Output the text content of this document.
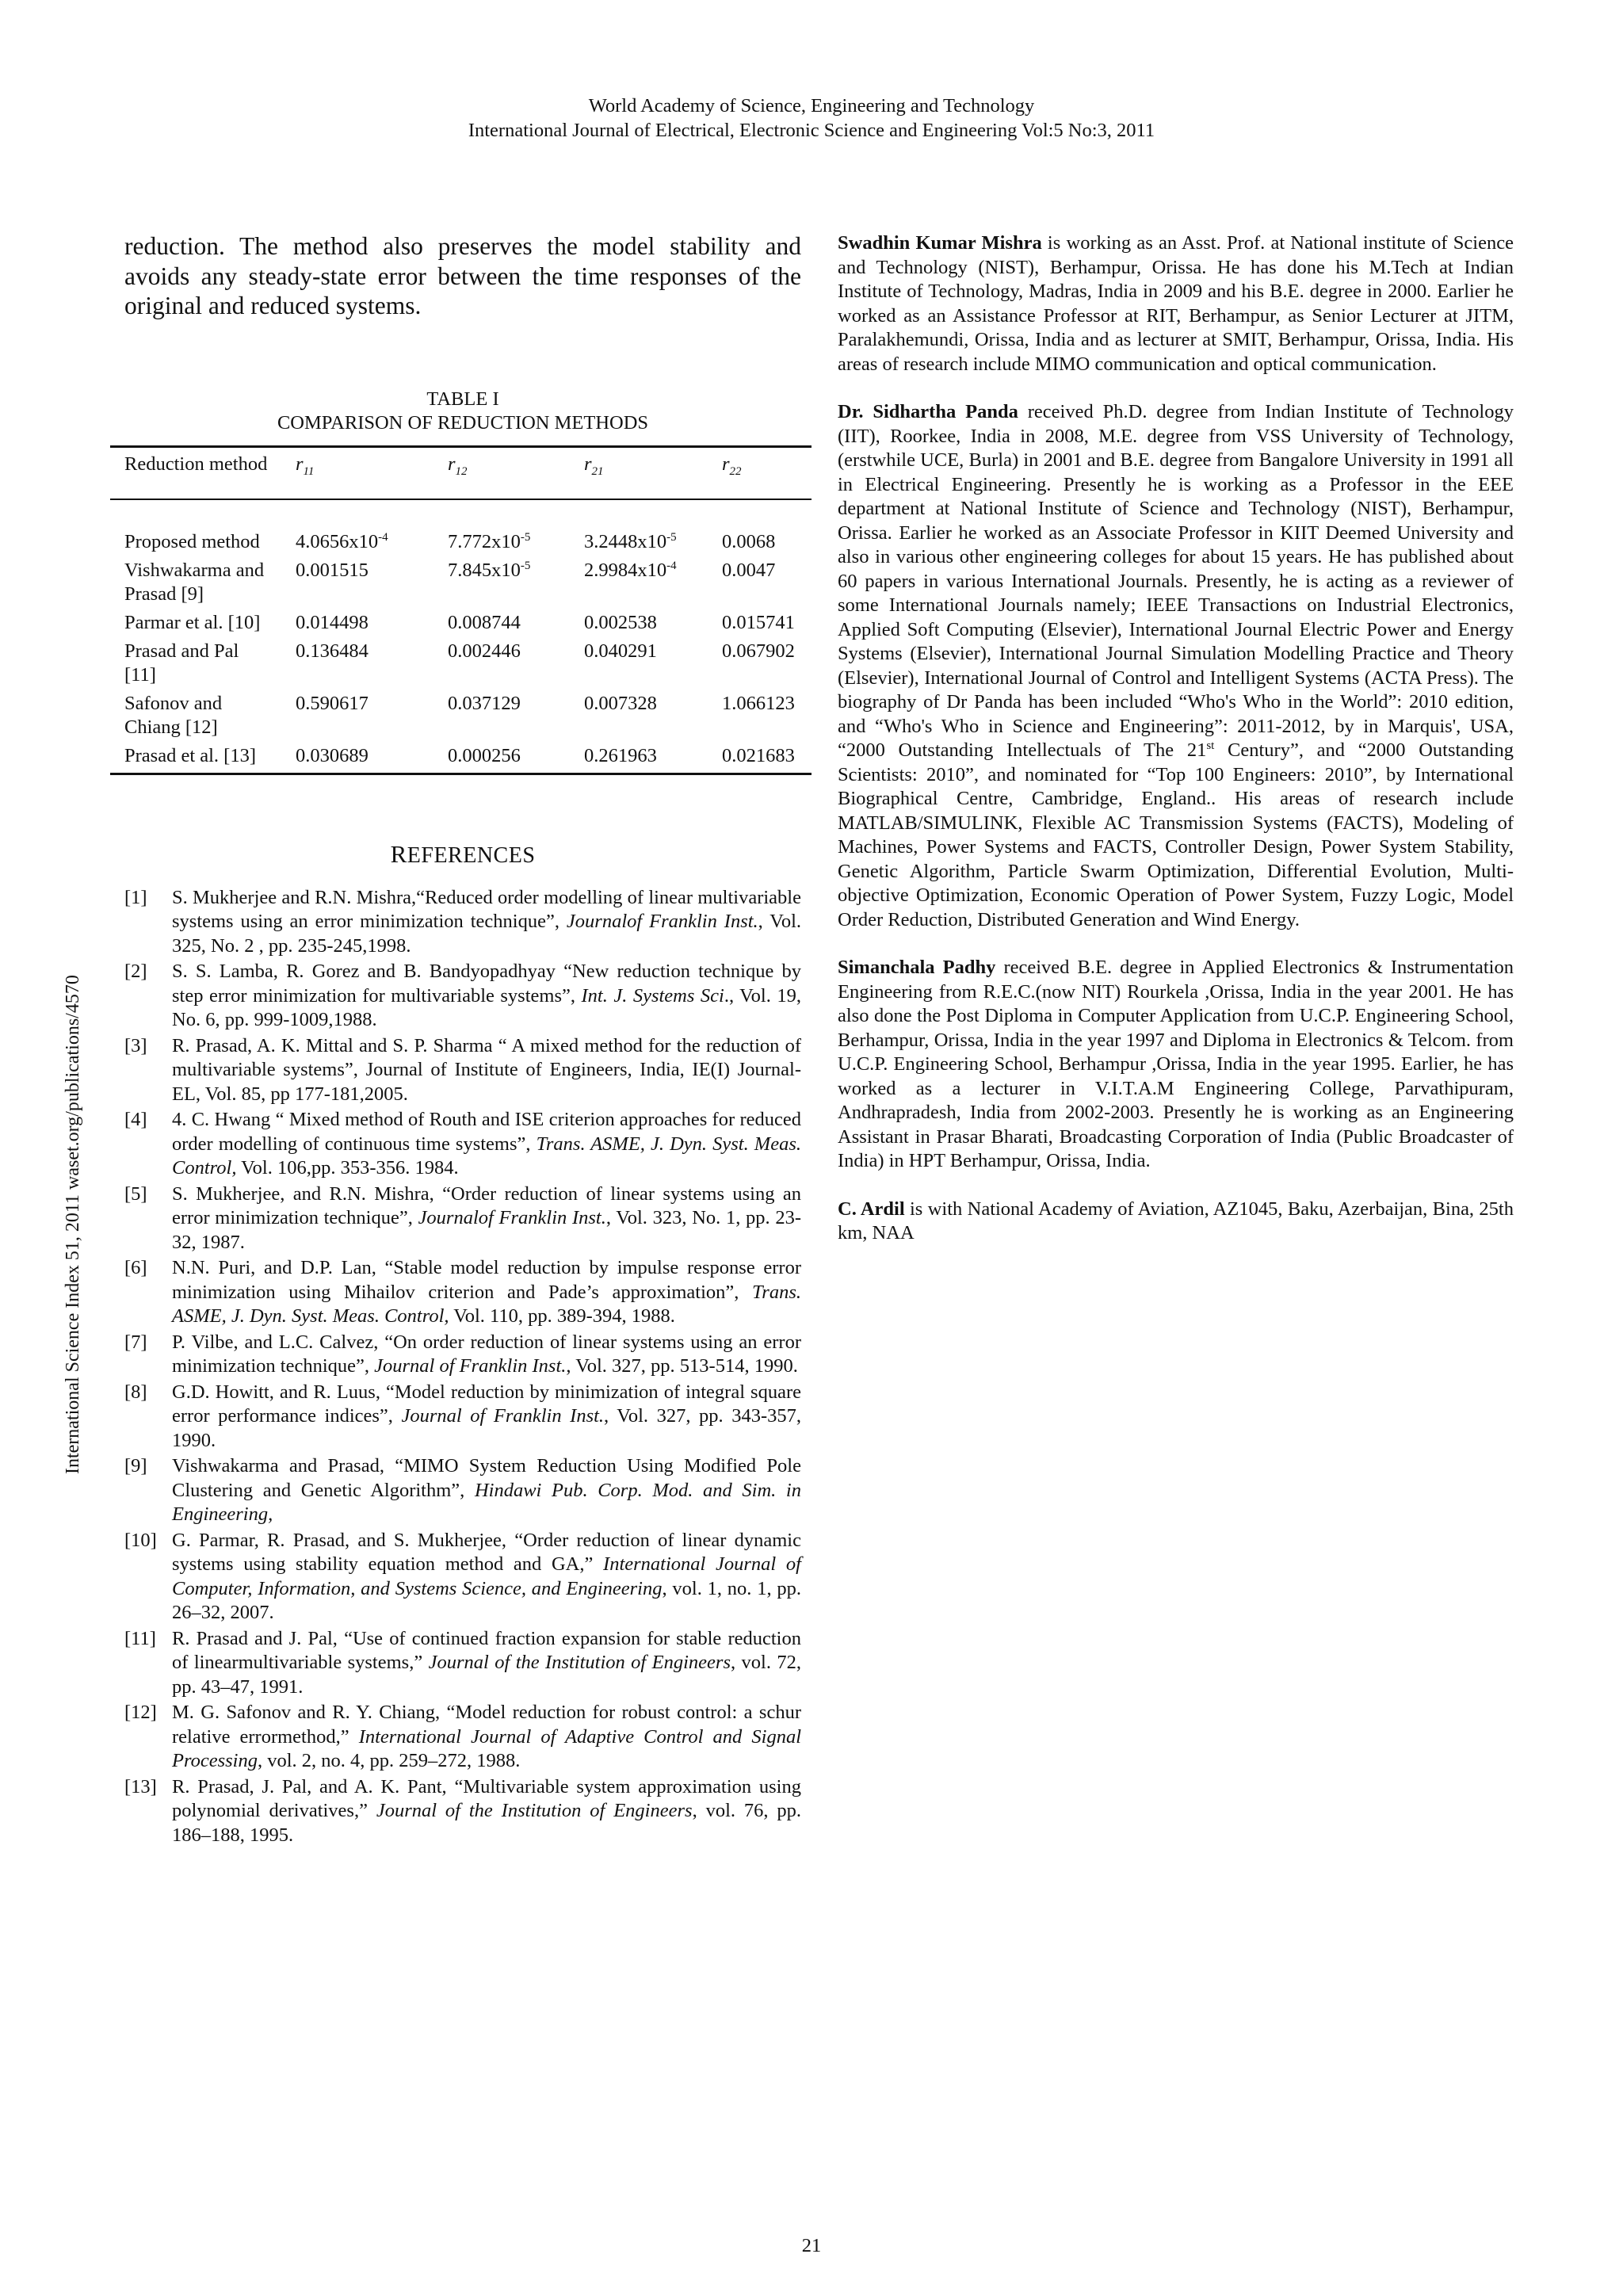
World Academy of Science, Engineering and Technology
International Journal of Electrical, Electronic Science and Engineering Vol:5 No:3, 2011
International Science Index 51, 2011 waset.org/publications/4570

reduction. The method also preserves the model stability and avoids any steady-state error between the time responses of the original and reduced systems.

TABLE I
COMPARISON OF REDUCTION METHODS
Reduction method	$r_{11}$	$r_{12}$	$r_{21}$	$r_{22}$
Proposed method	$4.0656x10^{-4}$	$7.772x10^{-5}$	$3.2448x10^{-5}$	0.0068
Vishwakarma and Prasad [9]	0.001515	$7.845x10^{-5}$	$2.9984x10^{-4}$	0.0047
Parmar et al. [10]	0.014498	0.008744	0.002538	0.015741
Prasad and Pal [11]	0.136484	0.002446	0.040291	0.067902
Safonov and Chiang [12]	0.590617	0.037129	0.007328	1.066123
Prasad et al. [13]	0.030689	0.000256	0.261963	0.021683
REFERENCES
[1]	S. Mukherjee and R.N. Mishra,“Reduced order modelling of linear multivariable systems using an error minimization technique”, Journalof Franklin Inst., Vol. 325, No. 2 , pp. 235-245,1998.
[2]	S. S. Lamba, R. Gorez and B. Bandyopadhyay “New reduction technique by step error minimization for multivariable systems”, Int. J. Systems Sci., Vol. 19, No. 6, pp. 999-1009,1988.
[3]	R. Prasad, A. K. Mittal and S. P. Sharma “ A mixed method for the reduction of multivariable systems”, Journal of Institute of Engineers, India, IE(I) Journal-EL, Vol. 85, pp 177-181,2005.
[4]	4. C. Hwang “ Mixed method of Routh and ISE criterion approaches for reduced order modelling of continuous time systems”, Trans. ASME, J. Dyn. Syst. Meas. Control, Vol. 106,pp. 353-356. 1984.
[5]	S. Mukherjee, and R.N. Mishra, “Order reduction of linear systems using an error minimization technique”, Journalof Franklin Inst., Vol. 323, No. 1, pp. 23-32, 1987.
[6]	N.N. Puri, and D.P. Lan, “Stable model reduction by impulse response error minimization using Mihailov criterion and Pade’s approximation”, Trans. ASME, J. Dyn. Syst. Meas. Control, Vol. 110, pp. 389-394, 1988.
[7]	P. Vilbe, and L.C. Calvez, “On order reduction of linear systems using an error minimization technique”, Journal of Franklin Inst., Vol. 327, pp. 513-514, 1990.
[8]	G.D. Howitt, and R. Luus, “Model reduction by minimization of integral square error performance indices”, Journal of Franklin Inst., Vol. 327, pp. 343-357, 1990.
[9]	Vishwakarma and Prasad, “MIMO System Reduction Using Modified Pole Clustering and Genetic Algorithm”, Hindawi Pub. Corp. Mod. and Sim. in Engineering,
[10] G. Parmar, R. Prasad, and S. Mukherjee, “Order reduction of linear dynamic systems using stability equation method and GA,” International Journal of Computer, Information, and Systems Science, and Engineering, vol. 1, no. 1, pp. 26–32, 2007.
[11] R. Prasad and J. Pal, “Use of continued fraction expansion for stable reduction of linearmultivariable systems,” Journal of the Institution of Engineers, vol. 72, pp. 43–47, 1991.
[12] M. G. Safonov and R. Y. Chiang, “Model reduction for robust control: a schur relative errormethod,” International Journal of Adaptive Control and Signal Processing, vol. 2, no. 4, pp. 259–272, 1988.
[13] R. Prasad, J. Pal, and A. K. Pant, “Multivariable system approximation using polynomial derivatives,” Journal of the Institution of Engineers, vol. 76, pp. 186–188, 1995.

Swadhin Kumar Mishra is working as an Asst. Prof. at National institute of Science and Technology (NIST), Berhampur, Orissa. He has done his M.Tech at Indian Institute of Technology, Madras, India in 2009 and his B.E. degree in 2000. Earlier he worked as an Assistance Professor at RIT, Berhampur, as Senior Lecturer at JITM, Paralakhemundi, Orissa, India and as lecturer at SMIT, Berhampur, Orissa, India. His areas of research include MIMO communication and optical communication.

Dr. Sidhartha Panda received Ph.D. degree from Indian Institute of Technology (IIT), Roorkee, India in 2008, M.E. degree from VSS University of Technology, (erstwhile UCE, Burla) in 2001 and B.E. degree from Bangalore University in 1991 all in Electrical Engineering. Presently he is working as a Professor in the EEE department at National Institute of Science and Technology (NIST), Berhampur, Orissa. Earlier he worked as an Associate Professor in KIIT Deemed University and also in various other engineering colleges for about 15 years. He has published about 60 papers in various International Journals. Presently, he is acting as a reviewer of some International Journals namely; IEEE Transactions on Industrial Electronics, Applied Soft Computing (Elsevier), International Journal Electric Power and Energy Systems (Elsevier), International Journal Simulation Modelling Practice and Theory (Elsevier), International Journal of Control and Intelligent Systems (ACTA Press). The biography of Dr Panda has been included “Who's Who in the World”: 2010 edition, and “Who's Who in Science and Engineering”: 2011-2012, by in Marquis', USA, “2000 Outstanding Intellectuals of The 21st Century”, and “2000 Outstanding Scientists: 2010”, and nominated for “Top 100 Engineers: 2010”, by International Biographical Centre, Cambridge, England.. His areas of research include MATLAB/SIMULINK, Flexible AC Transmission Systems (FACTS), Modeling of Machines, Power Systems and FACTS, Controller Design, Power System Stability, Genetic Algorithm, Particle Swarm Optimization, Differential Evolution, Multi-objective Optimization, Economic Operation of Power System, Fuzzy Logic, Model Order Reduction, Distributed Generation and Wind Energy.

Simanchala Padhy received B.E. degree in Applied Electronics & Instrumentation Engineering from R.E.C.(now NIT) Rourkela ,Orissa, India in the year 2001. He has also done the Post Diploma in Computer Application from U.C.P. Engineering School, Berhampur, Orissa, India in the year 1997 and Diploma in Electronics & Telcom. from U.C.P. Engineering School, Berhampur ,Orissa, India in the year 1995. Earlier, he has worked as a lecturer in V.I.T.A.M Engineering College, Parvathipuram, Andhrapradesh, India from 2002-2003. Presently he is working as an Engineering Assistant in Prasar Bharati, Broadcasting Corporation of India (Public Broadcaster of India) in HPT Berhampur, Orissa, India.

C. Ardil is with National Academy of Aviation, AZ1045, Baku, Azerbaijan, Bina, 25th km, NAA

21
